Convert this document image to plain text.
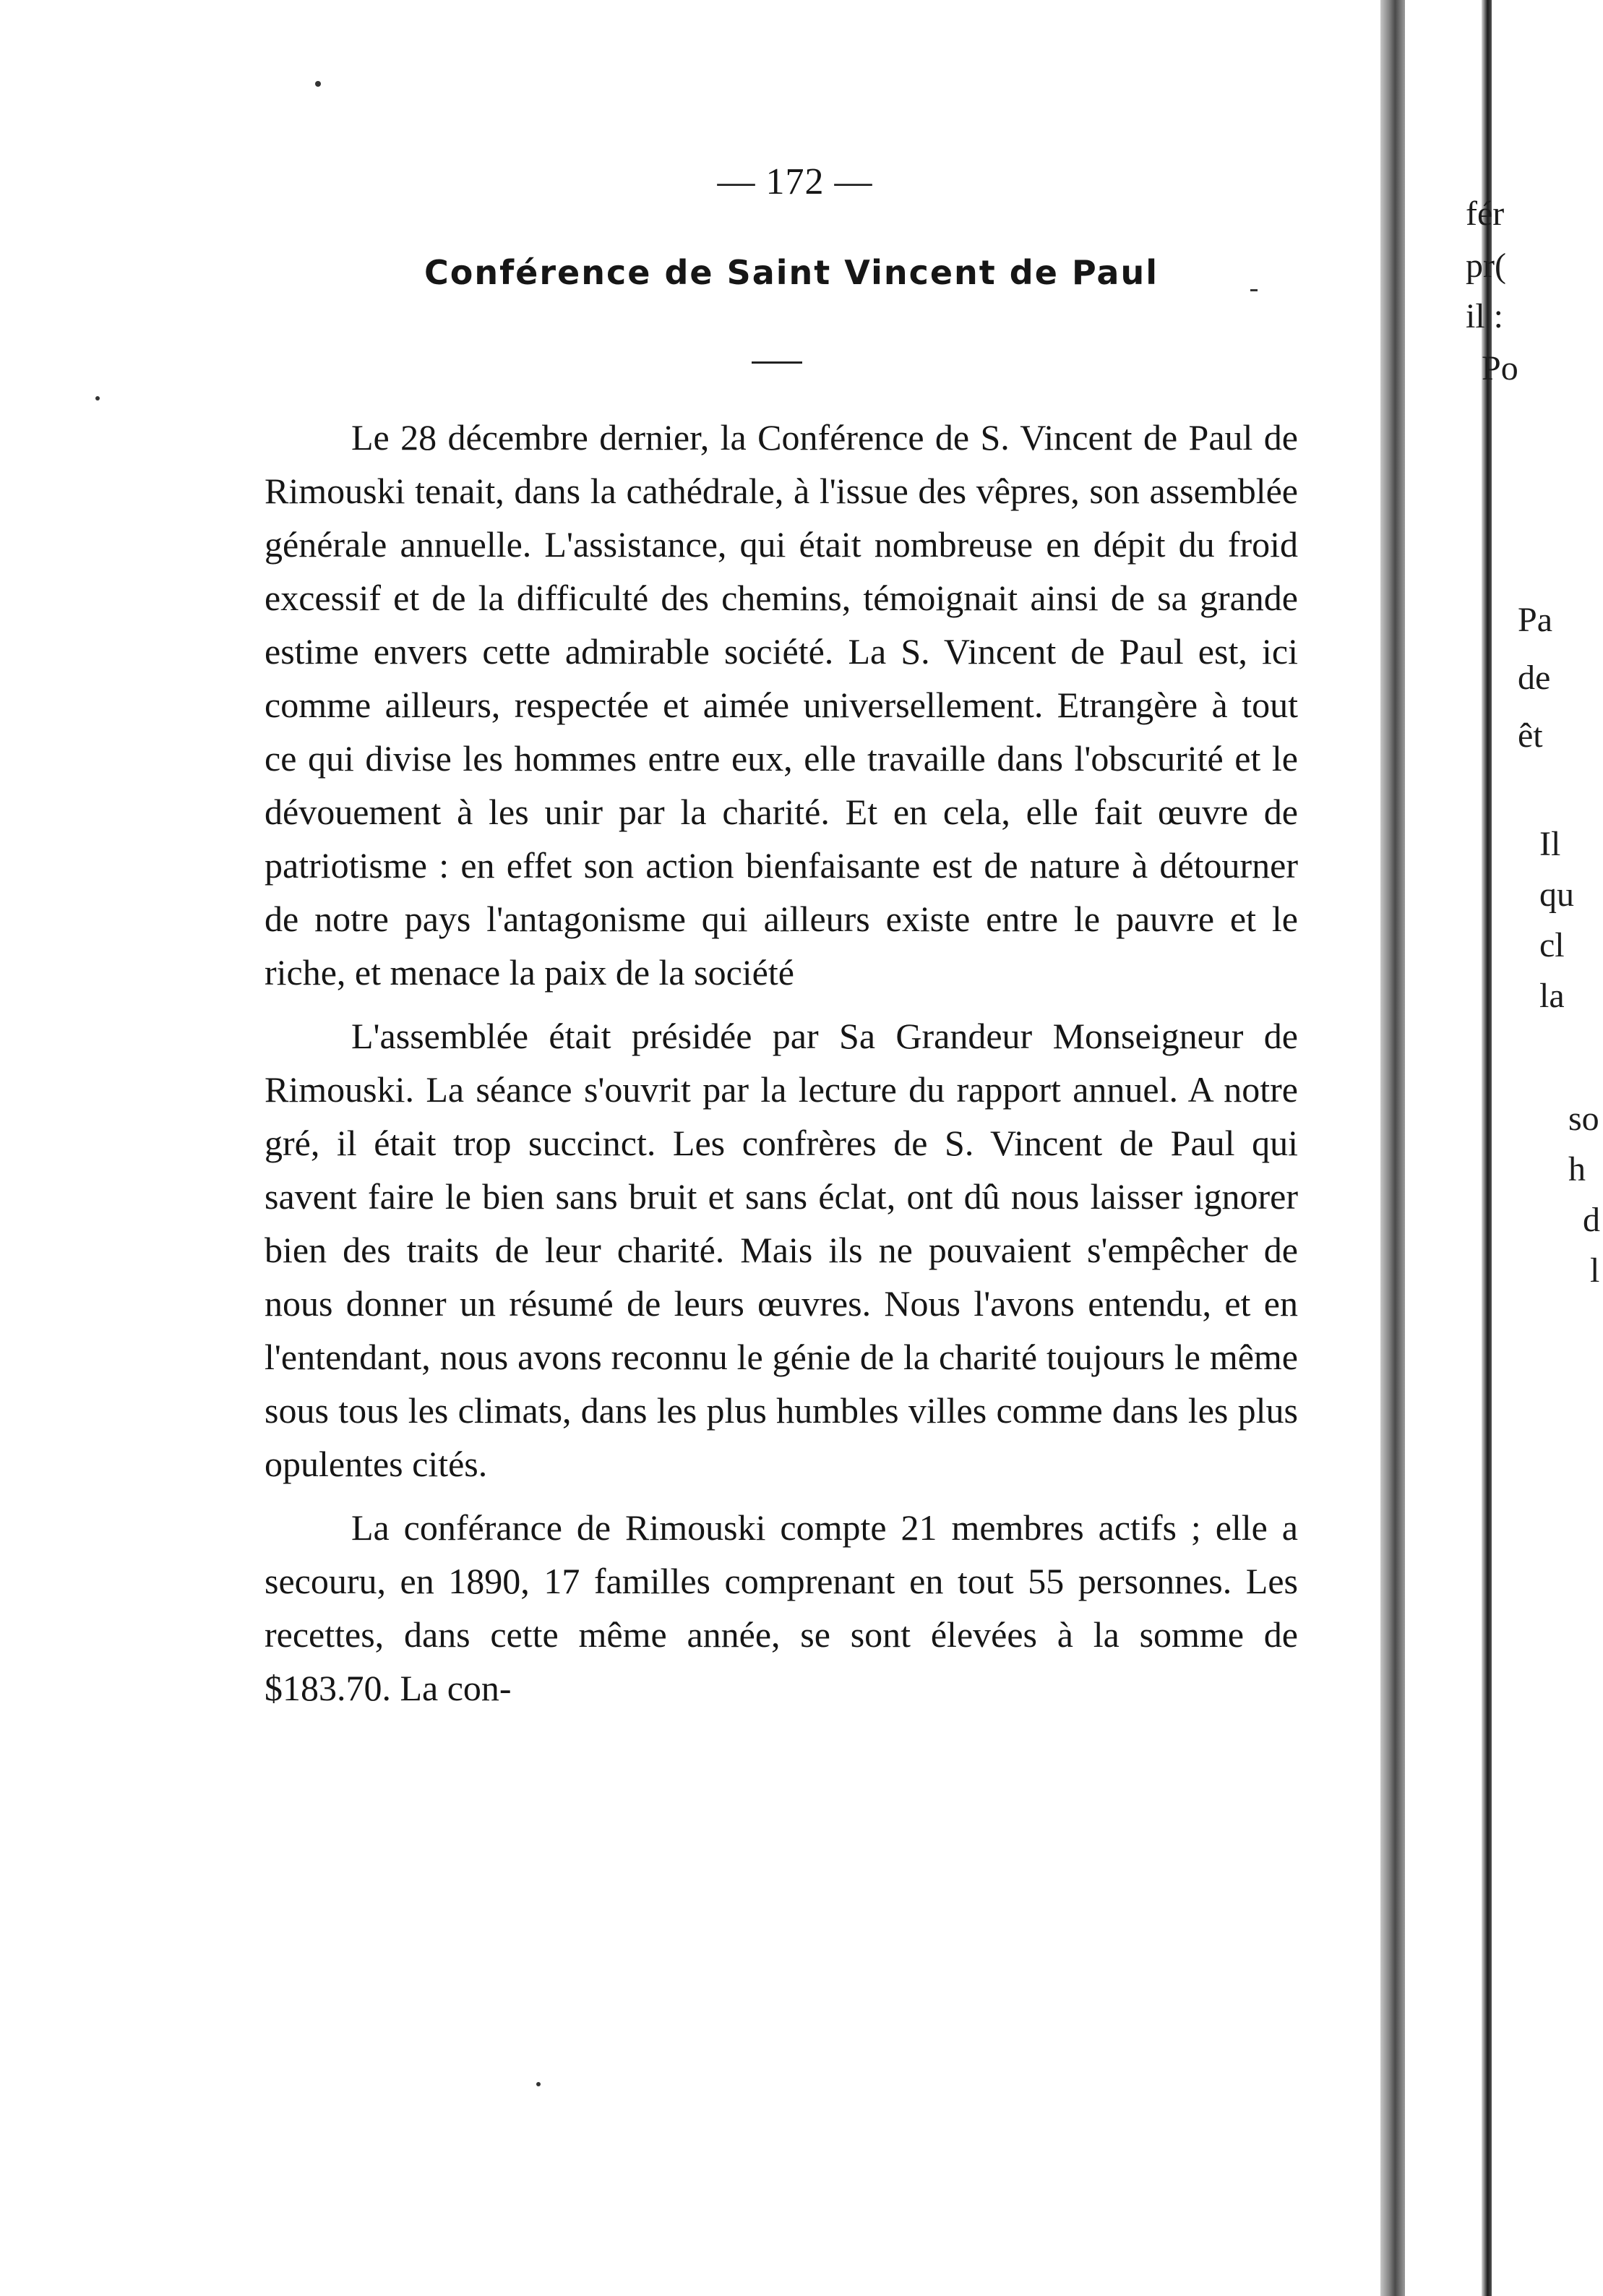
— 172 —
Conférence de Saint Vincent de Paul

Le 28 décembre dernier, la Conférence de S. Vincent de Paul de Rimouski tenait, dans la cathédrale, à l'issue des vêpres, son assemblée générale annuelle. L'assistance, qui était nombreuse en dépit du froid excessif et de la difficulté des chemins, témoignait ainsi de sa grande estime envers cette admirable société. La S. Vincent de Paul est, ici comme ailleurs, respectée et aimée universellement. Etrangère à tout ce qui divise les hommes entre eux, elle travaille dans l'obscurité et le dévouement à les unir par la charité. Et en cela, elle fait œuvre de patriotisme : en effet son action bienfaisante est de nature à détourner de notre pays l'antagonisme qui ailleurs existe entre le pauvre et le riche, et menace la paix de la société

L'assemblée était présidée par Sa Grandeur Monseigneur de Rimouski. La séance s'ouvrit par la lecture du rapport annuel. A notre gré, il était trop succinct. Les confrères de S. Vincent de Paul qui savent faire le bien sans bruit et sans éclat, ont dû nous laisser ignorer bien des traits de leur charité. Mais ils ne pouvaient s'empêcher de nous donner un résumé de leurs œuvres. Nous l'avons entendu, et en l'entendant, nous avons reconnu le génie de la charité toujours le même sous tous les climats, dans les plus humbles villes comme dans les plus opulentes cités.

La conférance de Rimouski compte 21 membres actifs ; elle a secouru, en 1890, 17 familles comprenant en tout 55 personnes. Les recettes, dans cette même année, se sont élevées à la somme de $183.70. La con-

fér
pr(
il :
Po
Pa
de
êt
Il
qu
cl
la
so
h
d
l
